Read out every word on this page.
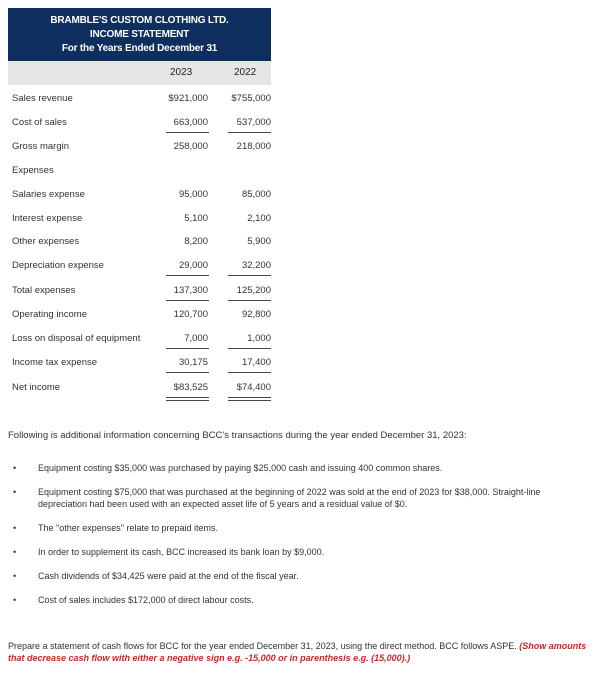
BRAMBLE'S CUSTOM CLOTHING LTD.
INCOME STATEMENT
For the Years Ended December 31
2023	2022
Sales revenue	$921,000	$755,000
Cost of sales	663,000	537,000
Gross margin	258,000	218,000
Expenses
Salaries expense	95,000	85,000
Interest expense	5,100	2,100
Other expenses	8,200	5,900
Depreciation expense	29,000	32,200
Total expenses	137,300	125,200
Operating income	120,700	92,800
Loss on disposal of equipment	7,000	1,000
Income tax expense	30,175	17,400
Net income	$83,525	$74,400
Following is additional information concerning BCC's transactions during the year ended December 31, 2023:
• Equipment costing $35,000 was purchased by paying $25,000 cash and issuing 400 common shares.
• Equipment costing $75,000 that was purchased at the beginning of 2022 was sold at the end of 2023 for $38,000. Straight-line depreciation had been used with an expected asset life of 5 years and a residual value of $0.
• The "other expenses" relate to prepaid items.
• In order to supplement its cash, BCC increased its bank loan by $9,000.
• Cash dividends of $34,425 were paid at the end of the fiscal year.
• Cost of sales includes $172,000 of direct labour costs.
Prepare a statement of cash flows for BCC for the year ended December 31, 2023, using the direct method. BCC follows ASPE. (Show amounts that decrease cash flow with either a negative sign e.g. -15,000 or in parenthesis e.g. (15,000).)
